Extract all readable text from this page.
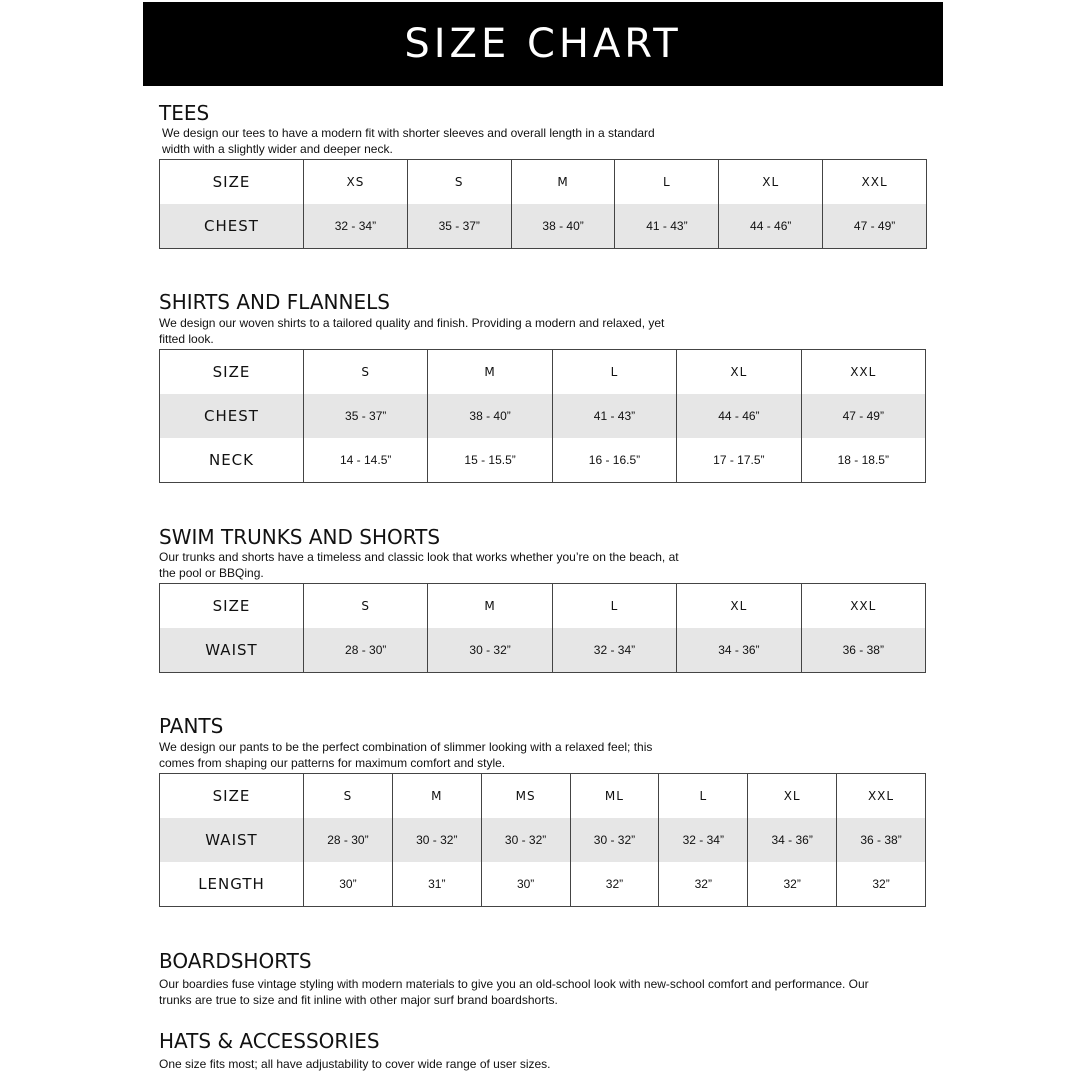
SIZE CHART
TEES
We design our tees to have a modern fit with shorter sleeves and overall length in a standard width with a slightly wider and deeper neck.
SIZE	XS	S	M	L	XL	XXL
CHEST	32 - 34”	35 - 37”	38 - 40”	41 - 43”	44 - 46”	47 - 49”
SHIRTS AND FLANNELS
We design our woven shirts to a tailored quality and finish. Providing a modern and relaxed, yet fitted look.
SIZE	S	M	L	XL	XXL
CHEST	35 - 37”	38 - 40”	41 - 43”	44 - 46”	47 - 49”
NECK	14 - 14.5”	15 - 15.5”	16 - 16.5”	17 - 17.5”	18 - 18.5”
SWIM TRUNKS AND SHORTS
Our trunks and shorts have a timeless and classic look that works whether you’re on the beach, at the pool or BBQing.
SIZE	S	M	L	XL	XXL
WAIST	28 - 30”	30 - 32”	32 - 34”	34 - 36”	36 - 38”
PANTS
We design our pants to be the perfect combination of slimmer looking with a relaxed feel; this comes from shaping our patterns for maximum comfort and style.
SIZE	S	M	MS	ML	L	XL	XXL
WAIST	28 - 30”	30 - 32”	30 - 32”	30 - 32”	32 - 34”	34 - 36”	36 - 38”
LENGTH	30”	31”	30”	32”	32”	32”	32”
BOARDSHORTS
Our boardies fuse vintage styling with modern materials to give you an old-school look with new-school comfort and performance. Our trunks are true to size and fit inline with other major surf brand boardshorts.
HATS & ACCESSORIES
One size fits most; all have adjustability to cover wide range of user sizes.
